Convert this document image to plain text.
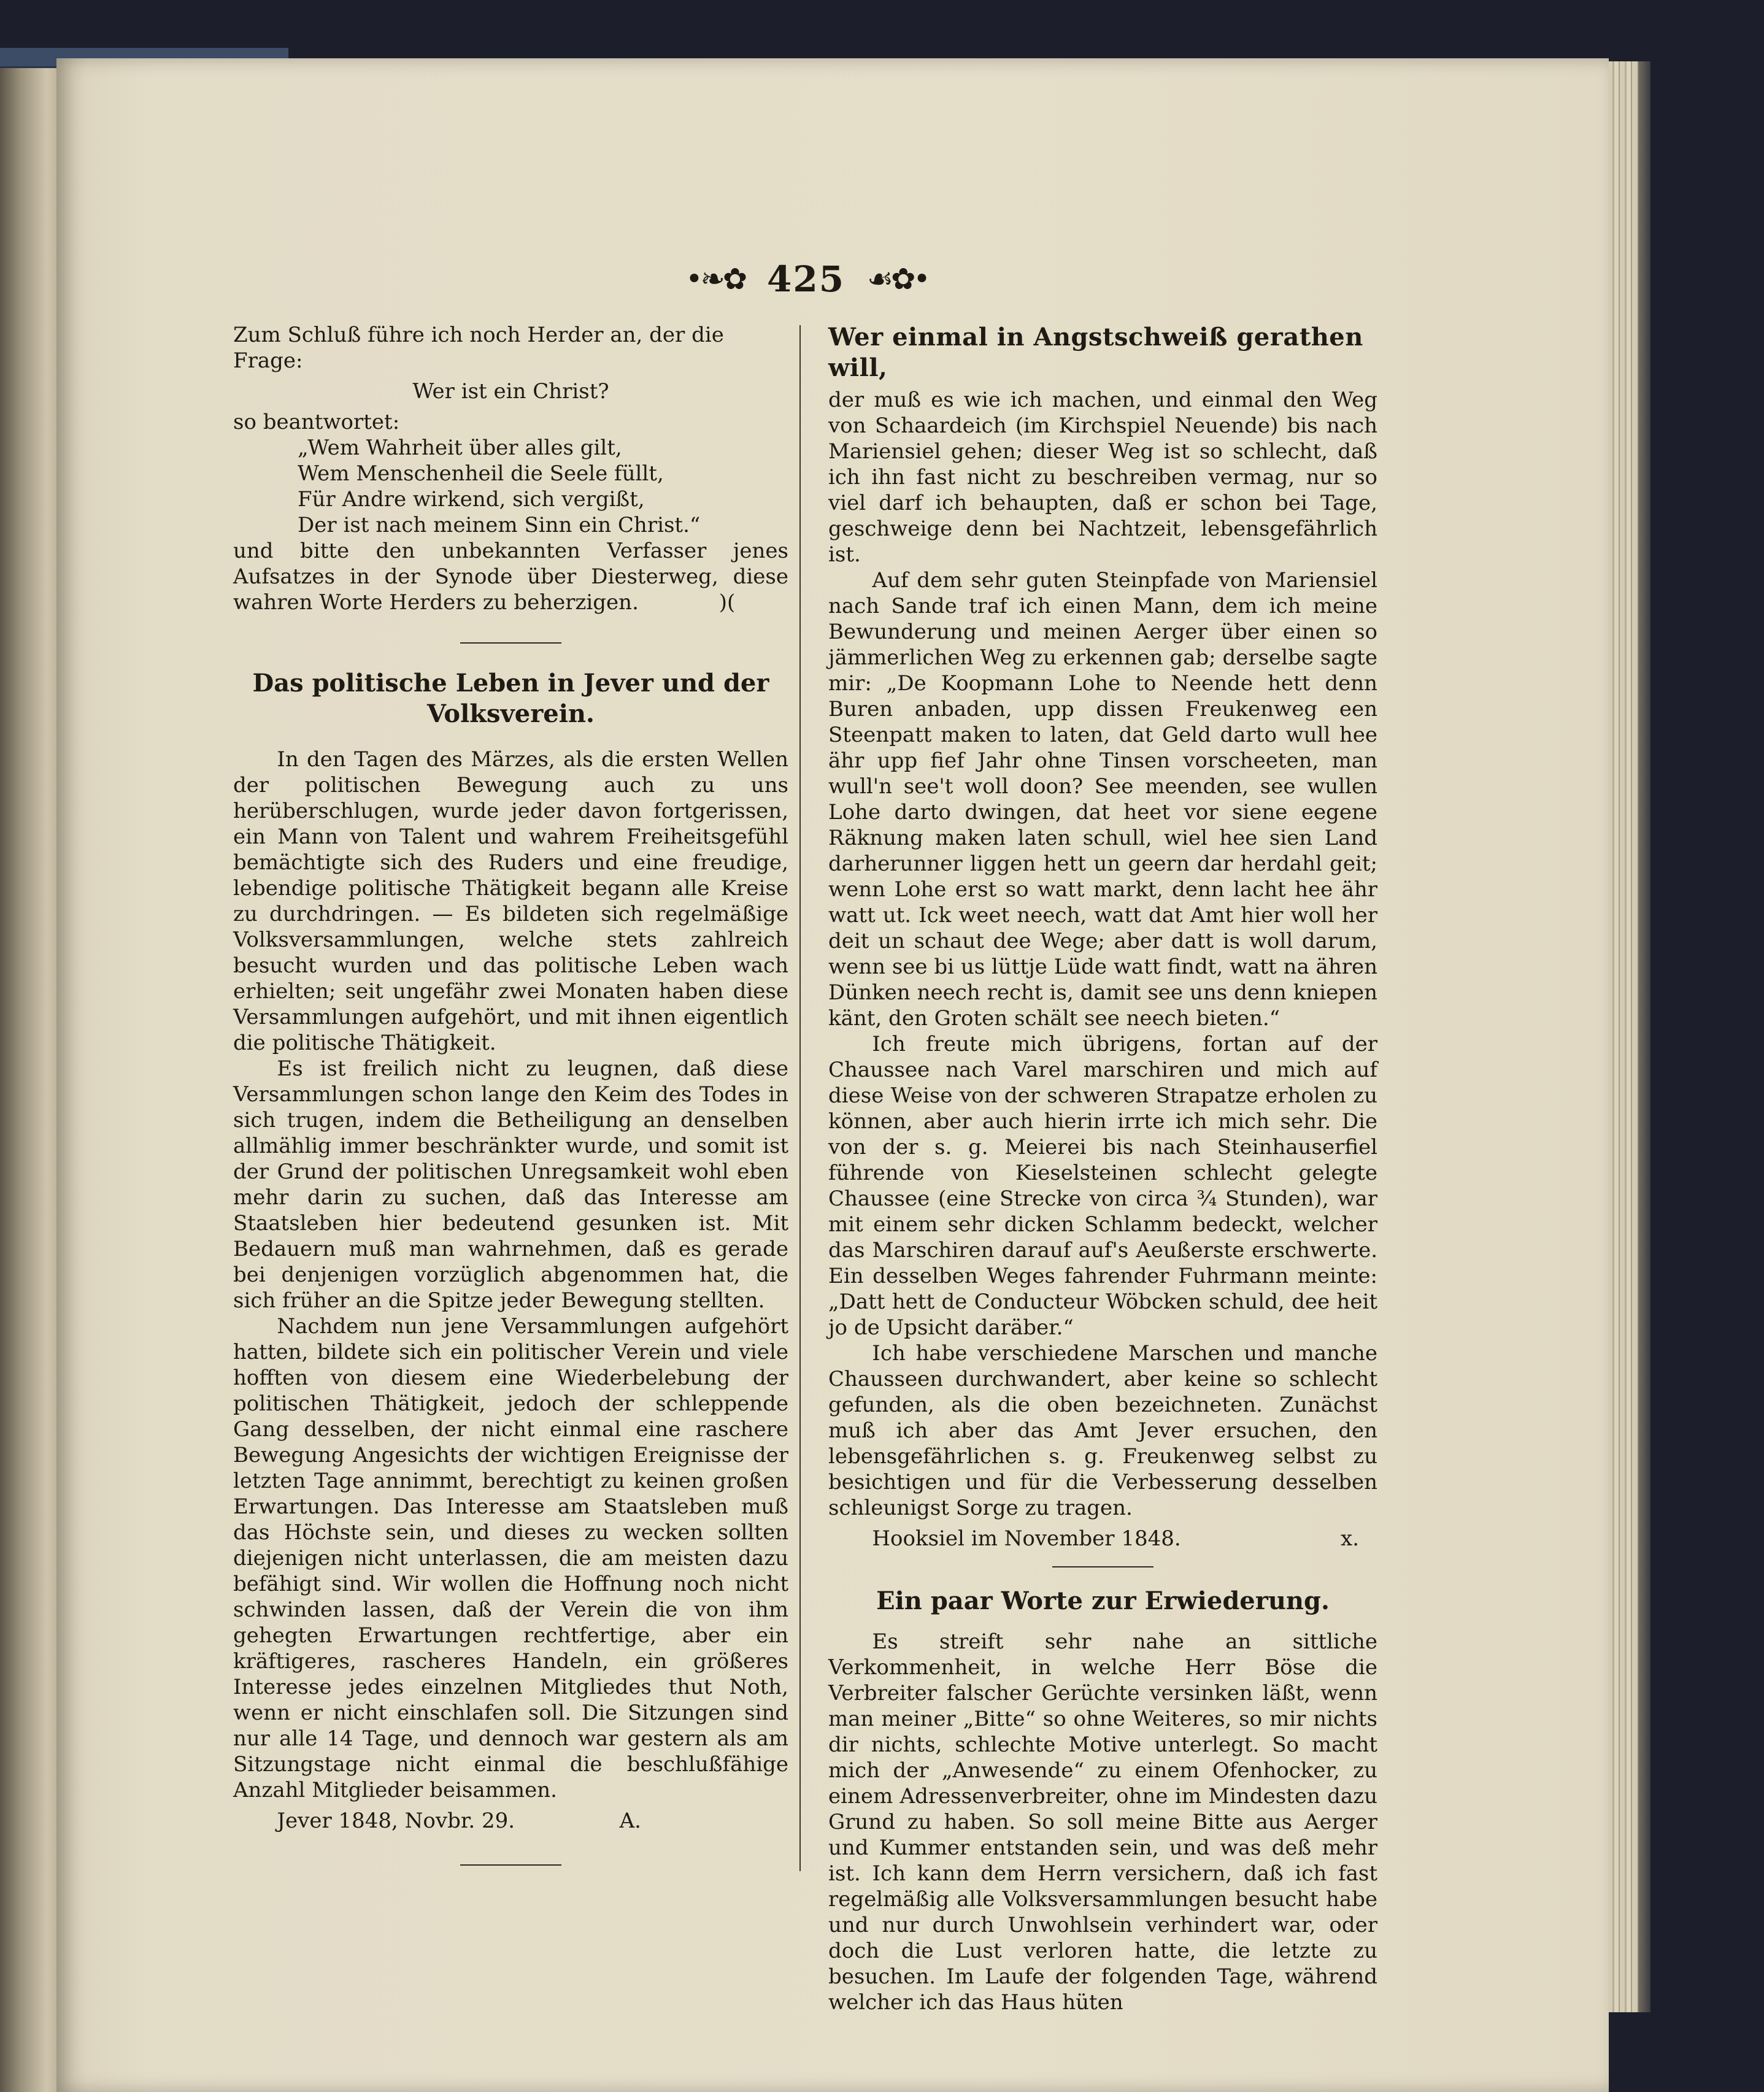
•❧✿ 425 ☙✿•

Zum Schluß führe ich noch Herder an, der die

Frage:

Wer ist ein Christ?

so beantwortet:

„Wem Wahrheit über alles gilt,

Wem Menschenheil die Seele füllt,

Für Andre wirkend, sich vergißt,

Der ist nach meinem Sinn ein Christ.“

und bitte den unbekannten Verfasser jenes Aufsatzes in der Synode über Diesterweg, diese wahren Worte Herders zu beherzigen.	)(

Das politische Leben in Jever und der

Volksverein.

In den Tagen des Märzes, als die ersten Wellen der politischen Bewegung auch zu uns herüberschlugen, wurde jeder davon fortgerissen, ein Mann von Talent und wahrem Freiheitsgefühl bemächtigte sich des Ruders und eine freudige, lebendige politische Thätigkeit begann alle Kreise zu durchdringen. — Es bildeten sich regelmäßige Volksversammlungen, welche stets zahlreich besucht wurden und das politische Leben wach erhielten; seit ungefähr zwei Monaten haben diese Versammlungen aufgehört, und mit ihnen eigentlich die politische Thätigkeit.

Es ist freilich nicht zu leugnen, daß diese Versammlungen schon lange den Keim des Todes in sich trugen, indem die Betheiligung an denselben allmählig immer beschränkter wurde, und somit ist der Grund der politischen Unregsamkeit wohl eben mehr darin zu suchen, daß das Interesse am Staatsleben hier bedeutend gesunken ist. Mit Bedauern muß man wahrnehmen, daß es gerade bei denjenigen vorzüglich abgenommen hat, die sich früher an die Spitze jeder Bewegung stellten.

Nachdem nun jene Versammlungen aufgehört hatten, bildete sich ein politischer Verein und viele hofften von diesem eine Wiederbelebung der politischen Thätigkeit, jedoch der schleppende Gang desselben, der nicht einmal eine raschere Bewegung Angesichts der wichtigen Ereignisse der letzten Tage annimmt, berechtigt zu keinen großen Erwartungen. Das Interesse am Staatsleben muß das Höchste sein, und dieses zu wecken sollten diejenigen nicht unterlassen, die am meisten dazu befähigt sind. Wir wollen die Hoffnung noch nicht schwinden lassen, daß der Verein die von ihm gehegten Erwartungen rechtfertige, aber ein kräftigeres, rascheres Handeln, ein größeres Interesse jedes einzelnen Mitgliedes thut Noth, wenn er nicht einschlafen soll. Die Sitzungen sind nur alle 14 Tage, und dennoch war gestern als am Sitzungstage nicht einmal die beschlußfähige Anzahl Mitglieder beisammen.

Jever 1848, Novbr. 29.	A.

Wer einmal in Angstschweiß gerathen will,

der muß es wie ich machen, und einmal den Weg von Schaardeich (im Kirchspiel Neuende) bis nach Mariensiel gehen; dieser Weg ist so schlecht, daß ich ihn fast nicht zu beschreiben vermag, nur so viel darf ich behaupten, daß er schon bei Tage, geschweige denn bei Nachtzeit, lebensgefährlich ist.

Auf dem sehr guten Steinpfade von Mariensiel nach Sande traf ich einen Mann, dem ich meine Bewunderung und meinen Aerger über einen so jämmerlichen Weg zu erkennen gab; derselbe sagte mir: „De Koopmann Lohe to Neende hett denn Buren anbaden, upp dissen Freukenweg een Steenpatt maken to laten, dat Geld darto wull hee ähr upp fief Jahr ohne Tinsen vorscheeten, man wull'n see't woll doon? See meenden, see wullen Lohe darto dwingen, dat heet vor siene eegene Räknung maken laten schull, wiel hee sien Land darherunner liggen hett un geern dar herdahl geit; wenn Lohe erst so watt markt, denn lacht hee ähr watt ut. Ick weet neech, watt dat Amt hier woll her deit un schaut dee Wege; aber datt is woll darum, wenn see bi us lüttje Lüde watt findt, watt na ähren Dünken neech recht is, damit see uns denn kniepen känt, den Groten schält see neech bieten.“

Ich freute mich übrigens, fortan auf der Chaussee nach Varel marschiren und mich auf diese Weise von der schweren Strapatze erholen zu können, aber auch hierin irrte ich mich sehr. Die von der s. g. Meierei bis nach Steinhauserfiel führende von Kieselsteinen schlecht gelegte Chaussee (eine Strecke von circa ¾ Stunden), war mit einem sehr dicken Schlamm bedeckt, welcher das Marschiren darauf auf's Aeußerste erschwerte. Ein desselben Weges fahrender Fuhrmann meinte: „Datt hett de Conducteur Wöbcken schuld, dee heit jo de Upsicht daräber.“

Ich habe verschiedene Marschen und manche Chausseen durchwandert, aber keine so schlecht gefunden, als die oben bezeichneten. Zunächst muß ich aber das Amt Jever ersuchen, den lebensgefährlichen s. g. Freukenweg selbst zu besichtigen und für die Verbesserung desselben schleunigst Sorge zu tragen.

Hooksiel im November 1848.	x.

Ein paar Worte zur Erwiederung.

Es streift sehr nahe an sittliche Verkommenheit, in welche Herr Böse die Verbreiter falscher Gerüchte versinken läßt, wenn man meiner „Bitte“ so ohne Weiteres, so mir nichts dir nichts, schlechte Motive unterlegt. So macht mich der „Anwesende“ zu einem Ofenhocker, zu einem Adressenverbreiter, ohne im Mindesten dazu Grund zu haben. So soll meine Bitte aus Aerger und Kummer entstanden sein, und was deß mehr ist. Ich kann dem Herrn versichern, daß ich fast regelmäßig alle Volksversammlungen besucht habe und nur durch Unwohlsein verhindert war, oder doch die Lust verloren hatte, die letzte zu besuchen. Im Laufe der folgenden Tage, während welcher ich das Haus hüten
